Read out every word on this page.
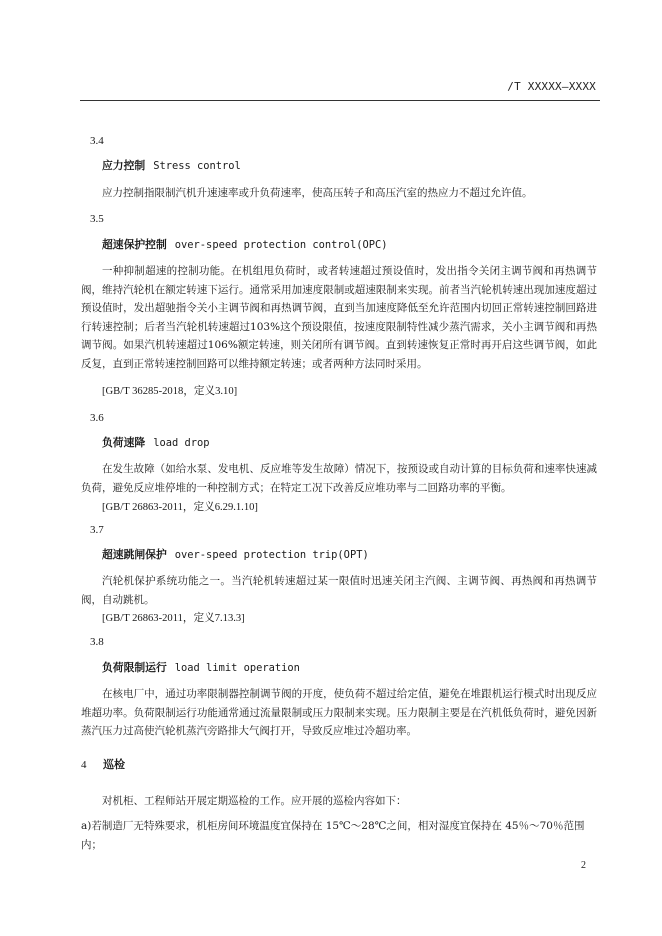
/T XXXXX—XXXX
3.4
应力控制 Stress control

应力控制指限制汽机升速速率或升负荷速率，使高压转子和高压汽室的热应力不超过允许值。

3.5
超速保护控制 over-speed protection control(OPC)

一种抑制超速的控制功能。在机组甩负荷时，或者转速超过预设值时，发出指令关闭主调节阀和再热调节阀，维持汽轮机在额定转速下运行。通常采用加速度限制或超速限制来实现。前者当汽轮机转速出现加速度超过预设值时，发出超驰指令关小主调节阀和再热调节阀，直到当加速度降低至允许范围内切回正常转速控制回路进行转速控制；后者当汽轮机转速超过103%这个预设限值，按速度限制特性减少蒸汽需求，关小主调节阀和再热调节阀。如果汽机转速超过106%额定转速，则关闭所有调节阀。直到转速恢复正常时再开启这些调节阀，如此反复，直到正常转速控制回路可以维持额定转速；或者两种方法同时采用。

[GB/T 36285-2018，定义3.10]
3.6
负荷速降 load drop

在发生故障（如给水泵、发电机、反应堆等发生故障）情况下，按预设或自动计算的目标负荷和速率快速减负荷，避免反应堆停堆的一种控制方式；在特定工况下改善反应堆功率与二回路功率的平衡。

[GB/T 26863-2011，定义6.29.1.10]
3.7
超速跳闸保护 over-speed protection trip(OPT)

汽轮机保护系统功能之一。当汽轮机转速超过某一限值时迅速关闭主汽阀、主调节阀、再热阀和再热调节阀，自动跳机。

[GB/T 26863-2011，定义7.13.3]
3.8
负荷限制运行 load limit operation

在核电厂中，通过功率限制器控制调节阀的开度，使负荷不超过给定值，避免在堆跟机运行模式时出现反应堆超功率。负荷限制运行功能通常通过流量限制或压力限制来实现。压力限制主要是在汽机低负荷时，避免因新蒸汽压力过高使汽轮机蒸汽旁路排大气阀打开，导致反应堆过冷超功率。

4 巡检

对机柜、工程师站开展定期巡检的工作。应开展的巡检内容如下：

a)若制造厂无特殊要求，机柜房间环境温度宜保持在 15℃～28℃之间，相对湿度宜保持在 45％～70％范围内；

2
